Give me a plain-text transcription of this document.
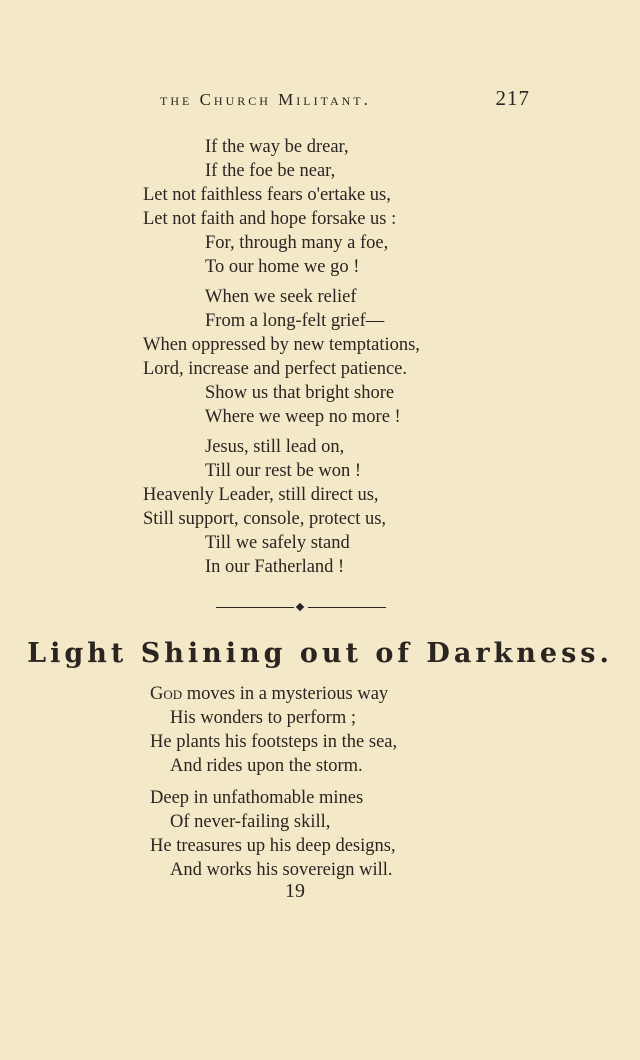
the Church Militant.	217
If the way be drear,
If the foe be near,
Let not faithless fears o'ertake us,
Let not faith and hope forsake us :
For, through many a foe,
To our home we go !
When we seek relief
From a long-felt grief—
When oppressed by new temptations,
Lord, increase and perfect patience.
Show us that bright shore
Where we weep no more !
Jesus, still lead on,
Till our rest be won !
Heavenly Leader, still direct us,
Still support, console, protect us,
Till we safely stand
In our Fatherland !
Light Shining out of Darkness.
God moves in a mysterious way
His wonders to perform ;
He plants his footsteps in the sea,
And rides upon the storm.
Deep in unfathomable mines
Of never-failing skill,
He treasures up his deep designs,
And works his sovereign will.
19
